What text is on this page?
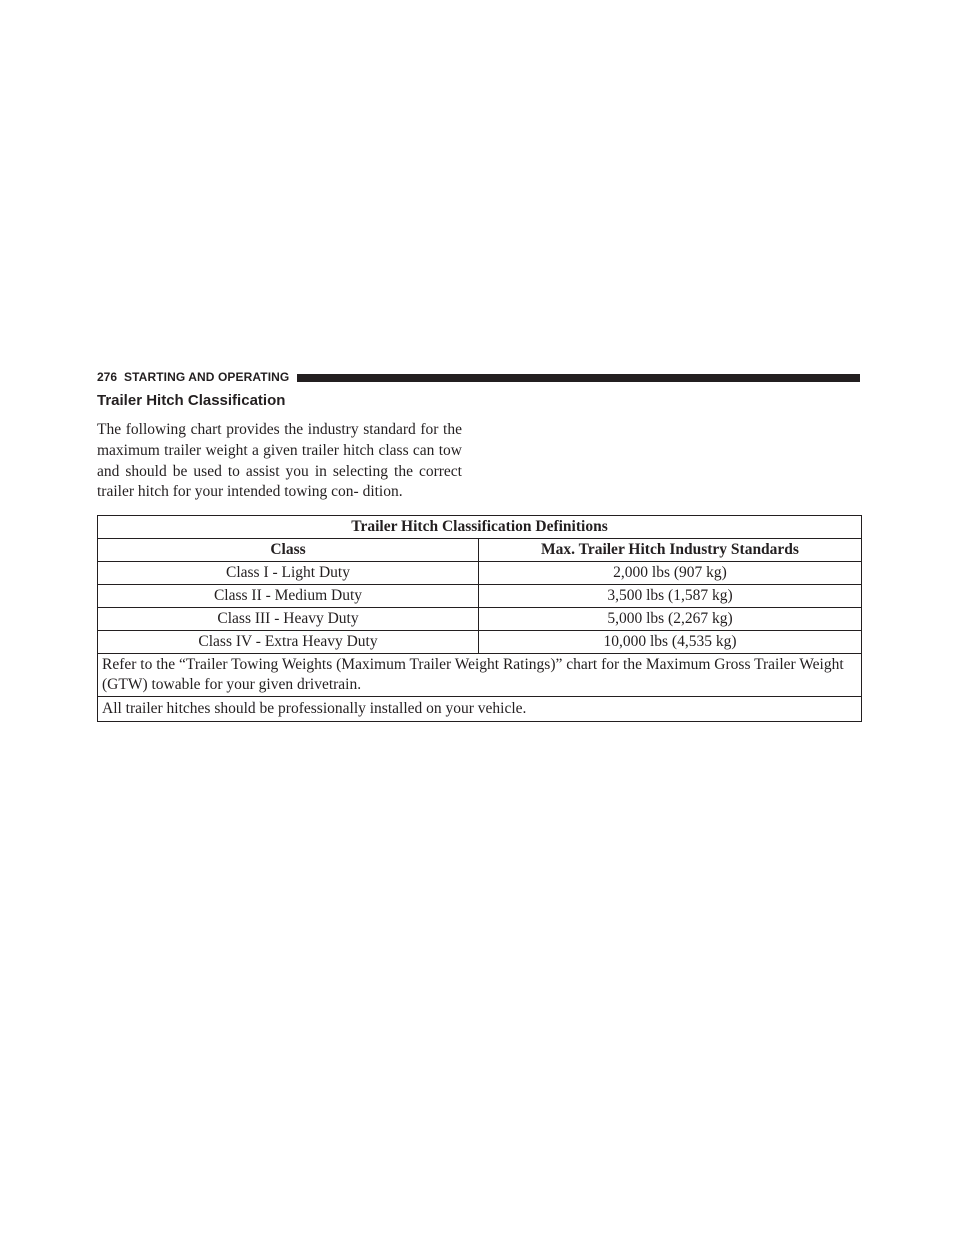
276 STARTING AND OPERATING
Trailer Hitch Classification

The following chart provides the industry standard for the maximum trailer weight a given trailer hitch class can tow and should be used to assist you in selecting the correct trailer hitch for your intended towing con- dition.

Trailer Hitch Classification Definitions	
Class	Max. Trailer Hitch Industry Standards
Class I - Light Duty	2,000 lbs (907 kg)
Class II - Medium Duty	3,500 lbs (1,587 kg)
Class III - Heavy Duty	5,000 lbs (2,267 kg)
Class IV - Extra Heavy Duty	10,000 lbs (4,535 kg)
Refer to the “Trailer Towing Weights (Maximum Trailer Weight Ratings)” chart for the Maximum Gross Trailer Weight (GTW) towable for your given drivetrain.	
All trailer hitches should be professionally installed on your vehicle.	
